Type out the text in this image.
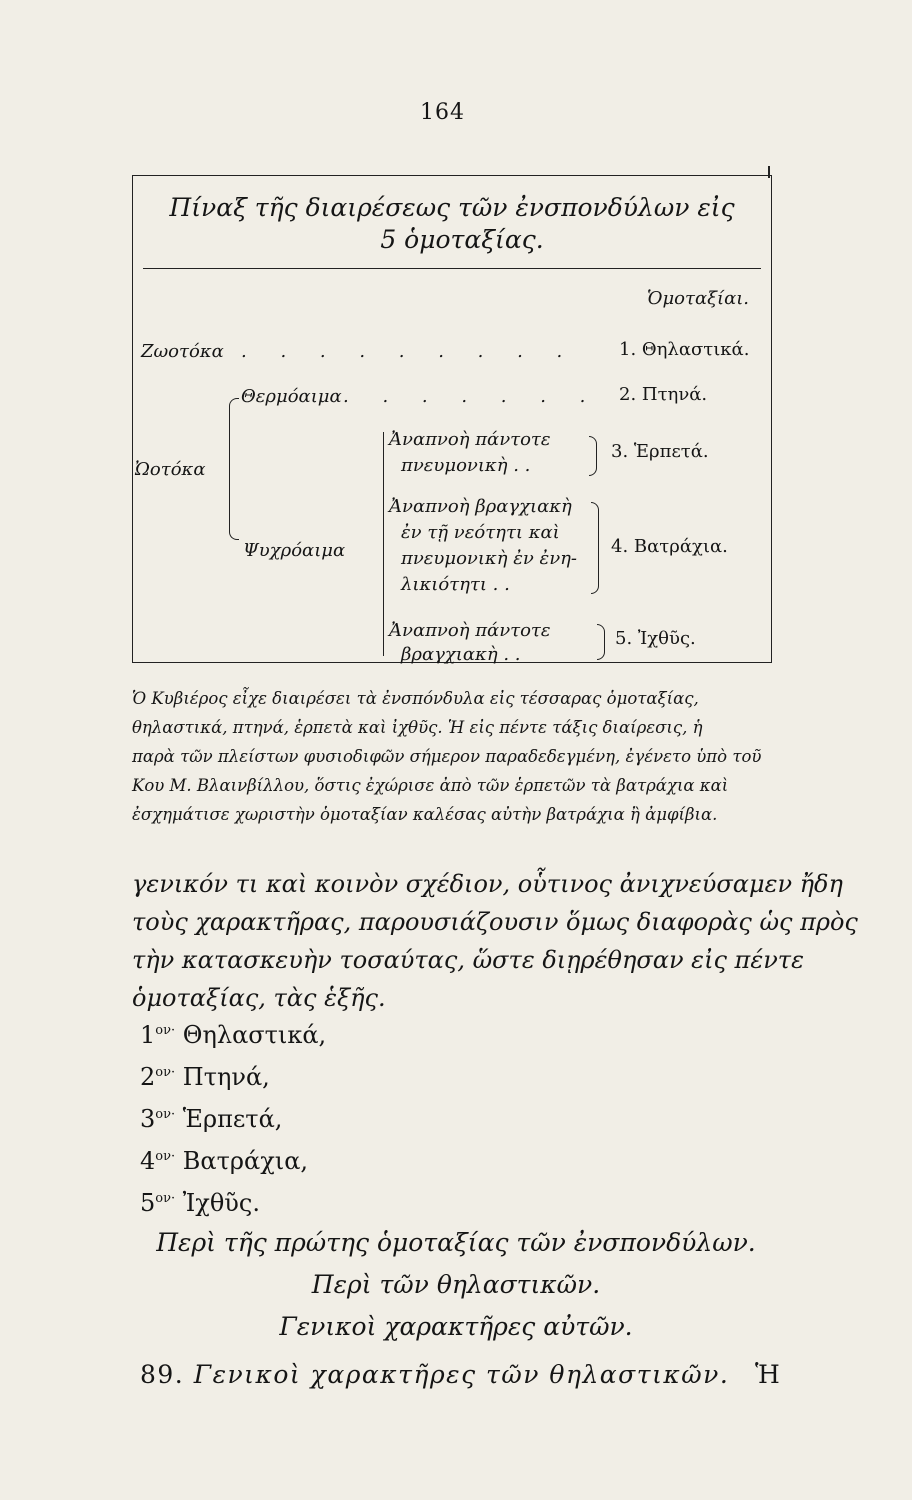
164
Πίναξ τῆς διαιρέσεως τῶν ἐνσπονδύλων εἰς
5 ὁμοταξίας.
Ὁμοταξίαι.
Ζωοτόκα . . . . . . . . . 1. Θηλαστικά.
Ὠοτόκα
Θερμόαιμα . . . . . . . 2. Πτηνά.
Ψυχρόαιμα
Ἀναπνοὴ πάντοτε
πνευμονικὴ . .
3. Ἑρπετά.
Ἀναπνοὴ βραγχιακὴ
ἐν τῇ νεότητι καὶ
πνευμονικὴ ἐν ἐνη-
λικιότητι . .
4. Βατράχια.
Ἀναπνοὴ πάντοτε
βραγχιακὴ . .
5. Ἰχθῦς.
Ὁ Κυβιέρος εἶχε διαιρέσει τὰ ἐνσπόνδυλα εἰς τέσσαρας ὁμοταξίας,
θηλαστικά, πτηνά, ἑρπετὰ καὶ ἰχθῦς. Ἡ εἰς πέντε τάξις διαίρεσις, ἡ
παρὰ τῶν πλείστων φυσιοδιφῶν σήμερον παραδεδεγμένη, ἐγένετο ὑπὸ τοῦ
Κου Μ. Βλαινβίλλου, ὅστις ἐχώρισε ἀπὸ τῶν ἑρπετῶν τὰ βατράχια καὶ
ἐσχημάτισε χωριστὴν ὁμοταξίαν καλέσας αὐτὴν βατράχια ἢ ἀμφίβια.
γενικόν τι καὶ κοινὸν σχέδιον, οὗτινος ἀνιχνεύσαμεν ἤδη
τοὺς χαρακτῆρας, παρουσιάζουσιν ὅμως διαφορὰς ὡς πρὸς
τὴν κατασκευὴν τοσαύτας, ὥστε διῃρέθησαν εἰς πέντε
ὁμοταξίας, τὰς ἑξῆς.
$1^{o\nu\cdot}$ Θηλαστικά,
$2^{o\nu\cdot}$ Πτηνά,
$3^{o\nu\cdot}$ Ἑρπετά,
$4^{o\nu\cdot}$ Βατράχια,
$5^{o\nu\cdot}$ Ἰχθῦς.
Περὶ τῆς πρώτης ὁμοταξίας τῶν ἐνσπονδύλων.
Περὶ τῶν θηλαστικῶν.
Γενικοὶ χαρακτῆρες αὐτῶν.
89. Γενικοὶ χαρακτῆρες τῶν θηλαστικῶν. Ἡ
